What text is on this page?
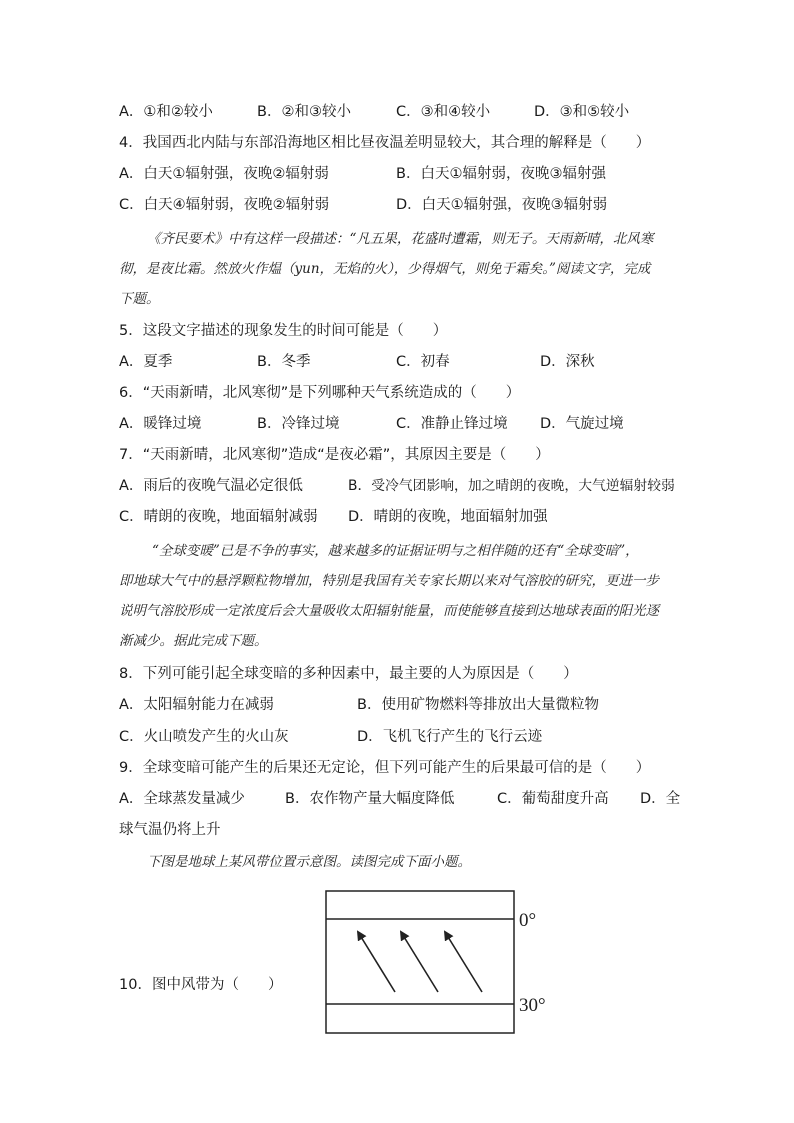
A．①和②较小	B．②和③较小	C．③和④较小	D．③和⑤较小
4．我国西北内陆与东部沿海地区相比昼夜温差明显较大，其合理的解释是（　　）
A．白天①辐射强，夜晚②辐射弱	B．白天①辐射弱，夜晚③辐射强
C．白天④辐射弱，夜晚②辐射弱	D．白天①辐射强，夜晚③辐射弱
《齐民要术》中有这样一段描述：“凡五果，花盛时遭霜，则无子。天雨新晴，北风寒
彻，是夜比霜。然放火作煴（yun，无焰的火），少得烟气，则免于霜矣。”阅读文字，完成
下题。
5．这段文字描述的现象发生的时间可能是（　　）
A．夏季	B．冬季	C．初春	D．深秋
6．“天雨新晴，北风寒彻”是下列哪种天气系统造成的（　　）
A．暖锋过境	B．冷锋过境	C．准静止锋过境 D．气旋过境
7．“天雨新晴，北风寒彻”造成“是夜必霜”，其原因主要是（　　）
A．雨后的夜晚气温必定很低	B．受冷气团影响，加之晴朗的夜晚，大气逆辐射较弱
C．晴朗的夜晚，地面辐射减弱 D．晴朗的夜晚，地面辐射加强
“全球变暖”已是不争的事实，越来越多的证据证明与之相伴随的还有“全球变暗”，
即地球大气中的悬浮颗粒物增加，特别是我国有关专家长期以来对气溶胶的研究，更进一步
说明气溶胶形成一定浓度后会大量吸收太阳辐射能量，而使能够直接到达地球表面的阳光逐
渐减少。据此完成下题。
8．下列可能引起全球变暗的多种因素中，最主要的人为原因是（　　）
A．太阳辐射能力在减弱	B．使用矿物燃料等排放出大量微粒物
C．火山喷发产生的火山灰	D．飞机飞行产生的飞行云迹
9．全球变暗可能产生的后果还无定论，但下列可能产生的后果最可信的是（　　）
A．全球蒸发量减少	B．农作物产量大幅度降低	C．葡萄甜度升高 D．全
球气温仍将上升
下图是地球上某风带位置示意图。读图完成下面小题。
10．图中风带为（　　）
0°
30°
